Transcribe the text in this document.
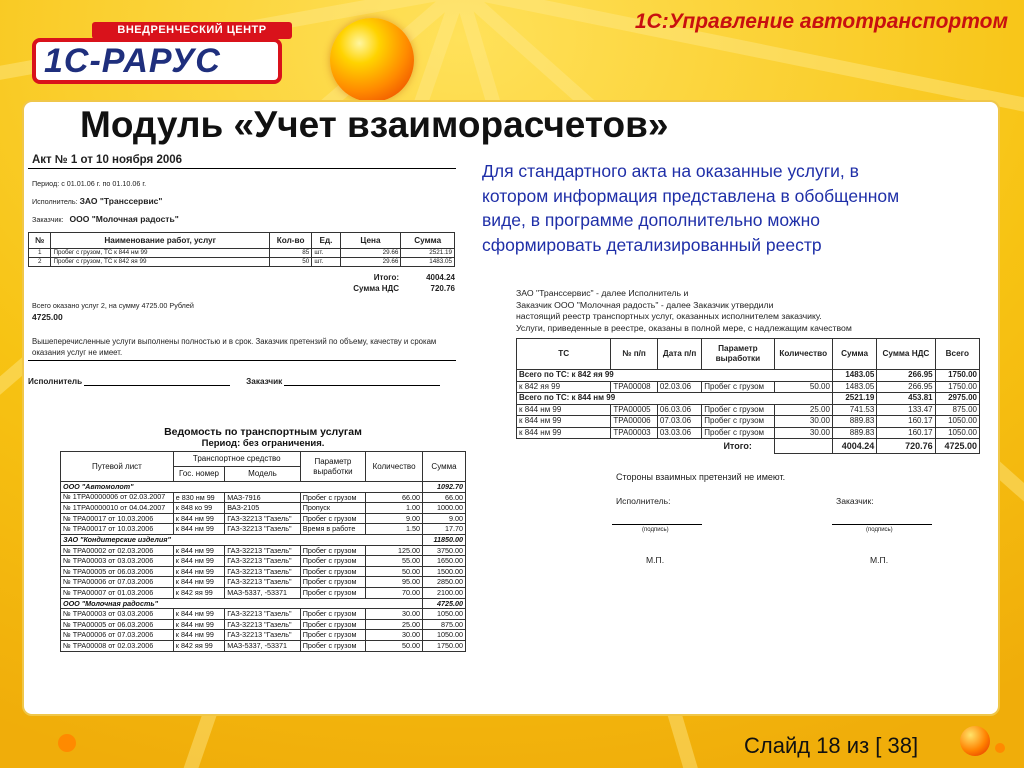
ВНЕДРЕНЧЕСКИЙ ЦЕНТР
1С-РАРУС
1С:Управление автотранспортом
Модуль «Учет взаиморасчетов»
Акт № 1 от 10 ноября 2006
Период: с 01.01.06 г. по 01.10.06 г.
Исполнитель: ЗАО "Транссервис"
Заказчик: ООО "Молочная радость"
№	Наименование работ, услуг	Кол-во	Ед.	Цена	Сумма
1	Пробег с грузом, ТС к 844 нм 99	85	шт.	29.66	2521.19
2	Пробег с грузом, ТС к 842 яя 99	50	шт.	29.66	1483.05
Итого:	4004.24
Сумма НДС	720.76
Всего оказано услуг 2, на сумму 4725.00 Рублей
4725.00
Вышеперечисленные услуги выполнены полностью и в срок. Заказчик претензий по объему, качеству и срокам оказания услуг не имеет.
Исполнитель	Заказчик
Ведомость по транспортным услугам
Период: без ограничения.
Путевой лист	Транспортное средство		Параметр выработки	Количество	Сумма
	Гос. номер	Модель			
ООО "Автомолот"					1092.70
№ 1ТРА0000006 от 02.03.2007	е 830 нм 99	МАЗ-7916	Пробег с грузом	66.00	66.00
№ 1ТРА0000010 от 04.04.2007	к 848 ко 99	ВАЗ-2105	Пропуск	1.00	1000.00
№ ТРА00017 от 10.03.2006	к 844 нм 99	ГАЗ-32213 "Газель"	Пробег с грузом	9.00	9.00
№ ТРА00017 от 10.03.2006	к 844 нм 99	ГАЗ-32213 "Газель"	Время в работе	1.50	17.70
ЗАО "Кондитерские изделия"					11850.00
№ ТРА00002 от 02.03.2006	к 844 нм 99	ГАЗ-32213 "Газель"	Пробег с грузом	125.00	3750.00
№ ТРА00003 от 03.03.2006	к 844 нм 99	ГАЗ-32213 "Газель"	Пробег с грузом	55.00	1650.00
№ ТРА00005 от 06.03.2006	к 844 нм 99	ГАЗ-32213 "Газель"	Пробег с грузом	50.00	1500.00
№ ТРА00006 от 07.03.2006	к 844 нм 99	ГАЗ-32213 "Газель"	Пробег с грузом	95.00	2850.00
№ ТРА00007 от 01.03.2006	к 842 яя 99	МАЗ-5337, -53371	Пробег с грузом	70.00	2100.00
ООО "Молочная радость"					4725.00
№ ТРА00003 от 03.03.2006	к 844 нм 99	ГАЗ-32213 "Газель"	Пробег с грузом	30.00	1050.00
№ ТРА00005 от 06.03.2006	к 844 нм 99	ГАЗ-32213 "Газель"	Пробег с грузом	25.00	875.00
№ ТРА00006 от 07.03.2006	к 844 нм 99	ГАЗ-32213 "Газель"	Пробег с грузом	30.00	1050.00
№ ТРА00008 от 02.03.2006	к 842 яя 99	МАЗ-5337, -53371	Пробег с грузом	50.00	1750.00

Для стандартного акта на оказанные услуги, в котором информация представлена в обобщенном виде, в программе дополнительно можно сформировать детализированный реестр

ЗАО "Транссервис" - далее Исполнитель и
Заказчик ООО "Молочная радость" - далее Заказчик утвердили
настоящий реестр транспортных услуг, оказанных исполнителем заказчику.
Услуги, приведенные в реестре, оказаны в полной мере, с надлежащим качеством
ТС	№ п/п	Дата п/п	Параметр выработки	Количество	Сумма	Сумма НДС	Всего
Всего по ТС: к 842 яя 99					1483.05	266.95	1750.00
к 842 яя 99	ТРА00008	02.03.06	Пробег с грузом	50.00	1483.05	266.95	1750.00
Всего по ТС: к 844 нм 99					2521.19	453.81	2975.00
к 844 нм 99	ТРА00005	06.03.06	Пробег с грузом	25.00	741.53	133.47	875.00
к 844 нм 99	ТРА00006	07.03.06	Пробег с грузом	30.00	889.83	160.17	1050.00
к 844 нм 99	ТРА00003	03.03.06	Пробег с грузом	30.00	889.83	160.17	1050.00
			Итого:		4004.24	720.76	4725.00
Стороны взаимных претензий не имеют.
Исполнитель:
(подпись)
М.П.
Заказчик:
(подпись)
М.П.
Слайд 18 из [ 38]
